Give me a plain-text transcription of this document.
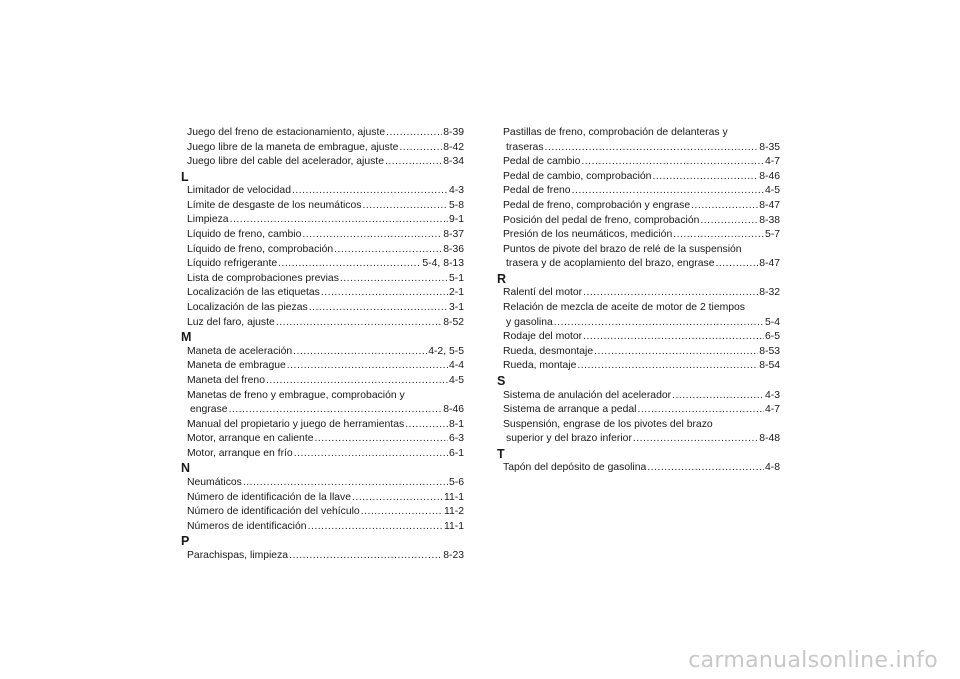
Juego del freno de estacionamiento, ajuste .....	8-39
Juego libre de la maneta de embrague, ajuste .....	8-42
Juego libre del cable del acelerador, ajuste .....	8-34
L
Limitador de velocidad .....	4-3
Límite de desgaste de los neumáticos .....	5-8
Limpieza .....	9-1
Líquido de freno, cambio .....	8-37
Líquido de freno, comprobación .....	8-36
Líquido refrigerante .....	5-4, 8-13
Lista de comprobaciones previas .....	5-1
Localización de las etiquetas .....	2-1
Localización de las piezas .....	3-1
Luz del faro, ajuste .....	8-52
M
Maneta de aceleración .....	4-2, 5-5
Maneta de embrague .....	4-4
Maneta del freno .....	4-5
Manetas de freno y embrague, comprobación y
engrase .....	8-46
Manual del propietario y juego de herramientas .....	8-1
Motor, arranque en caliente .....	6-3
Motor, arranque en frío .....	6-1
N
Neumáticos .....	5-6
Número de identificación de la llave .....	11-1
Número de identificación del vehículo .....	11-2
Números de identificación .....	11-1
P
Parachispas, limpieza .....	8-23
Pastillas de freno, comprobación de delanteras y
traseras .....	8-35
Pedal de cambio .....	4-7
Pedal de cambio, comprobación .....	8-46
Pedal de freno .....	4-5
Pedal de freno, comprobación y engrase .....	8-47
Posición del pedal de freno, comprobación .....	8-38
Presión de los neumáticos, medición .....	5-7
Puntos de pivote del brazo de relé de la suspensión
trasera y de acoplamiento del brazo, engrase .....	8-47
R
Ralentí del motor .....	8-32
Relación de mezcla de aceite de motor de 2 tiempos
y gasolina .....	5-4
Rodaje del motor .....	6-5
Rueda, desmontaje .....	8-53
Rueda, montaje .....	8-54
S
Sistema de anulación del acelerador .....	4-3
Sistema de arranque a pedal .....	4-7
Suspensión, engrase de los pivotes del brazo
superior y del brazo inferior .....	8-48
T
Tapón del depósito de gasolina .....	4-8
carmanualsonline.info
